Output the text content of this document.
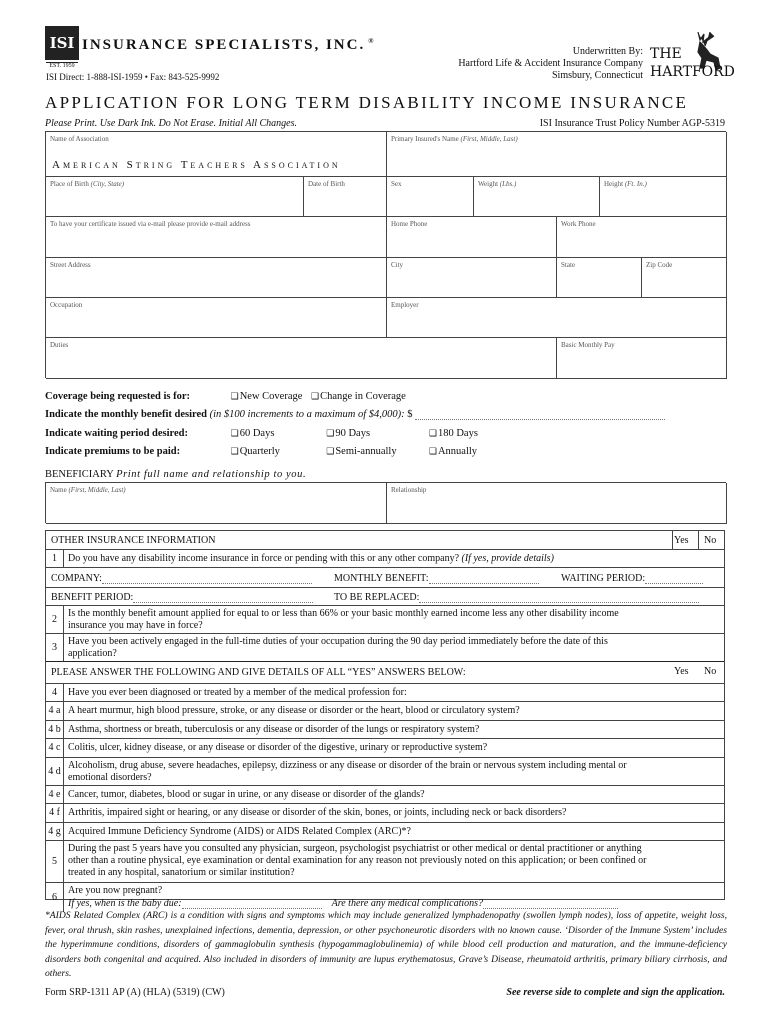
ISI INSURANCE SPECIALISTS, INC. ®
EST. 1959
ISI Direct: 1-888-ISI-1959 • Fax: 843-525-9992
Underwritten By:
Hartford Life & Accident Insurance Company
Simsbury, Connecticut
THE
HARTFORD
APPLICATION FOR LONG TERM DISABILITY INCOME INSURANCE
Please Print. Use Dark Ink. Do Not Erase. Initial All Changes.	ISI Insurance Trust Policy Number AGP-5319
Name of Association
American String Teachers Association
Primary Insured's Name (First, Middle, Last)
Place of Birth (City, State)	Date of Birth	Sex	Weight (Lbs.)	Height (Ft. In.)
To have your certificate issued via e-mail please provide e-mail address	Home Phone	Work Phone
Street Address	City	State	Zip Code
Occupation	Employer
Duties	Basic Monthly Pay
Coverage being requested is for:	❑New Coverage ❑Change in Coverage
Indicate the monthly benefit desired (in $100 increments to a maximum of $4,000): $
Indicate waiting period desired:	❑60 Days	❑90 Days	❑180 Days
Indicate premiums to be paid:	❑Quarterly	❑Semi-annually	❑Annually
BENEFICIARY Print full name and relationship to you.
Name (First, Middle, Last)	Relationship
OTHER INSURANCE INFORMATION	Yes No
1	Do you have any disability income insurance in force or pending with this or any other company? (If yes, provide details)
COMPANY:	MONTHLY BENEFIT:	WAITING PERIOD:
BENEFIT PERIOD:	TO BE REPLACED:
2
Is the monthly benefit amount applied for equal to or less than 66% or your basic monthly earned income less any other disability income insurance you may have in force?
3
Have you been actively engaged in the full-time duties of your occupation during the 90 day period immediately before the date of this application?
PLEASE ANSWER THE FOLLOWING AND GIVE DETAILS OF ALL “YES” ANSWERS BELOW:	Yes No
4	Have you ever been diagnosed or treated by a member of the medical profession for:
4 a A heart murmur, high blood pressure, stroke, or any disease or disorder or the heart, blood or circulatory system?
4 b Asthma, shortness or breath, tuberculosis or any disease or disorder of the lungs or respiratory system?
4 c Colitis, ulcer, kidney disease, or any disease or disorder of the digestive, urinary or reproductive system?
4 d
Alcoholism, drug abuse, severe headaches, epilepsy, dizziness or any disease or disorder of the brain or nervous system including mental or emotional disorders?
4 e Cancer, tumor, diabetes, blood or sugar in urine, or any disease or disorder of the glands?
4 f Arthritis, impaired sight or hearing, or any disease or disorder of the skin, bones, or joints, including neck or back disorders?
4 g Acquired Immune Deficiency Syndrome (AIDS) or AIDS Related Complex (ARC)*?
5
During the past 5 years have you consulted any physician, surgeon, psychologist psychiatrist or other medical or dental practitioner or anything other than a routine physical, eye examination or dental examination for any reason not previously noted on this application; or been confined or treated in any hospital, sanatorium or similar institution?
6
Are you now pregnant?
If yes, when is the baby due:	Are there any medical complications?
*AIDS Related Complex (ARC) is a condition with signs and symptoms which may include generalized lymphadenopathy (swollen lymph nodes), loss of appetite, weight loss, fever, oral thrush, skin rashes, unexplained infections, dementia, depression, or other psychoneurotic disorders with no known cause. ‘Disorder of the Immune System’ includes the hyperimmune conditions, disorders of gammaglobulin synthesis (hypogammaglobulinemia) of while blood cell production and maturation, and the immune-deficiency disorders both congenital and acquired. Also included in disorders of immunity are lupus erythematosus, Grave’s Disease, rheumatoid arthritis, primary biliary cirrhosis, and others.
Form SRP-1311 AP (A) (HLA) (5319) (CW)	See reverse side to complete and sign the application.
